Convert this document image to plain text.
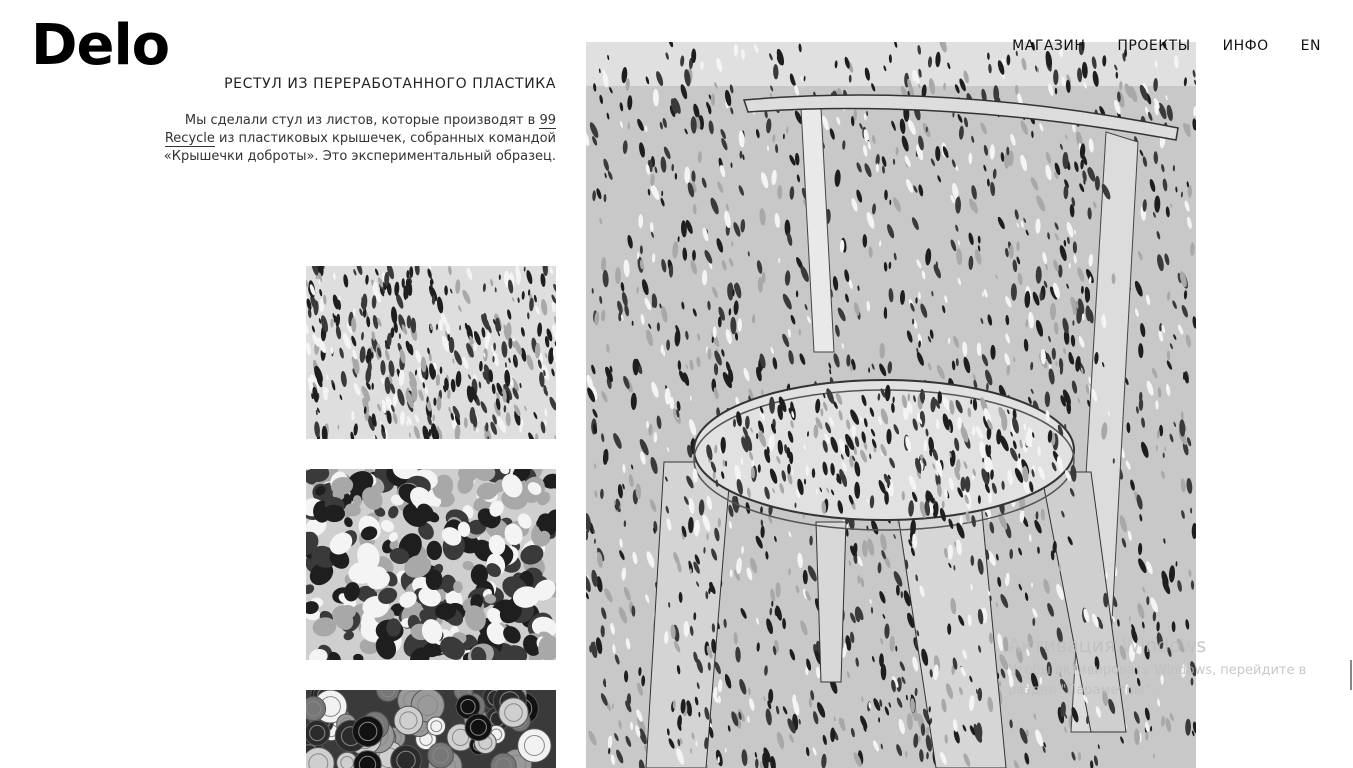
Delo	МАГАЗИН ПРОЕКТЫ ИНФО EN
РЕСТУЛ ИЗ ПЕРЕРАБОТАННОГО ПЛАСТИКА

Мы сделали стул из листов, которые производят в 99 Recycle из пластиковых крышечек, собранных командой «Крышечки доброты». Это экспериментальный образец.

Активация Windows
Чтобы активировать Windows, перейдите в раздел "Параметры".
